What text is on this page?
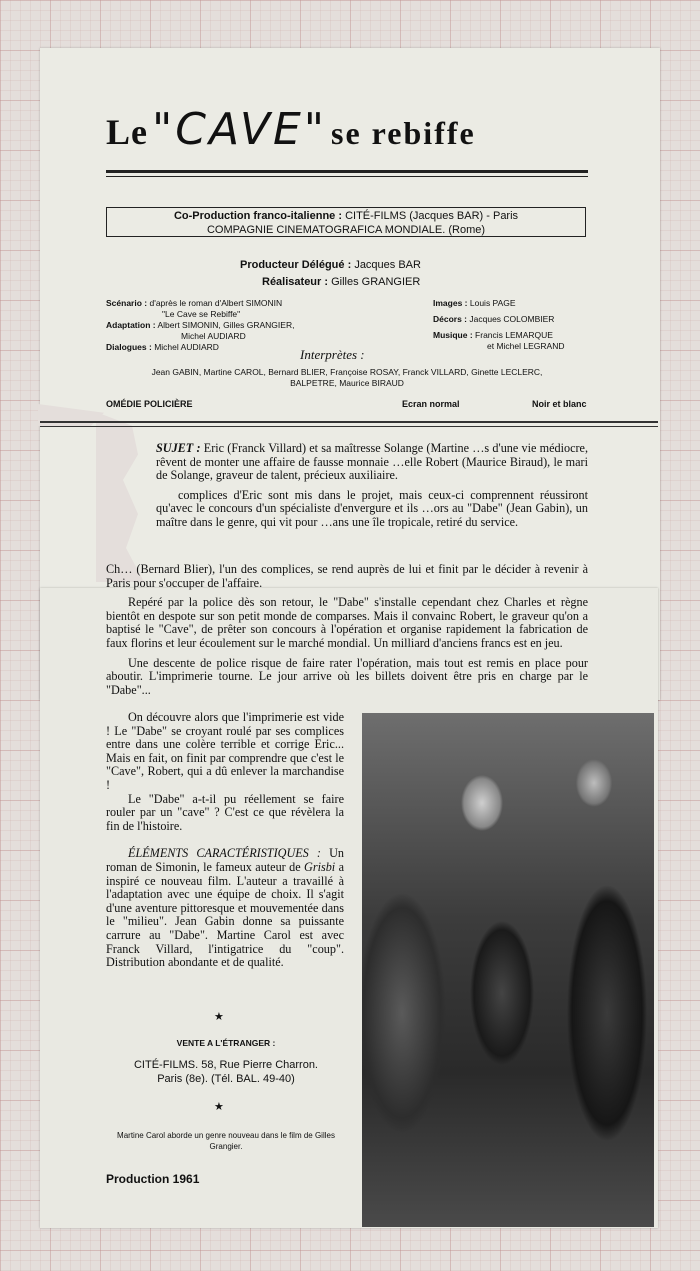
Le "CAVE" se rebiffe
Co-Production franco-italienne : CITÉ-FILMS (Jacques BAR) - Paris
COMPAGNIE CINEMATOGRAFICA MONDIALE. (Rome)
Producteur Délégué : Jacques BAR
Réalisateur : Gilles GRANGIER
Scénario : d'après le roman d'Albert SIMONIN
"Le Cave se Rebiffe"
Adaptation : Albert SIMONIN, Gilles GRANGIER,
Michel AUDIARD
Dialogues : Michel AUDIARD
Images : Louis PAGE
Décors : Jacques COLOMBIER
Musique : Francis LEMARQUE
et Michel LEGRAND
Interprètes :
Jean GABIN, Martine CAROL, Bernard BLIER, Françoise ROSAY, Franck VILLARD, Ginette LECLERC,
BALPETRE, Maurice BIRAUD
OMÉDIE POLICIÈRE	Ecran normal	Noir et blanc

SUJET : Eric (Franck Villard) et sa maîtresse Solange (Martine …s d'une vie médiocre, rêvent de monter une affaire de fausse monnaie …elle Robert (Maurice Biraud), le mari de Solange, graveur de talent, précieux auxiliaire.

complices d'Eric sont mis dans le projet, mais ceux-ci comprennent réussiront qu'avec le concours d'un spécialiste d'envergure et ils …ors au "Dabe" (Jean Gabin), un maître dans le genre, qui vit pour …ans une île tropicale, retiré du service.

Ch… (Bernard Blier), l'un des complices, se rend auprès de lui et finit par le décider à revenir à Paris pour s'occuper de l'affaire.

Repéré par la police dès son retour, le "Dabe" s'installe cependant chez Charles et règne bientôt en despote sur son petit monde de comparses. Mais il convainc Robert, le graveur qu'on a baptisé le "Cave", de prêter son concours à l'opération et organise rapidement la fabrication de faux florins et leur écoulement sur le marché mondial. Un milliard d'anciens francs est en jeu.

Une descente de police risque de faire rater l'opération, mais tout est remis en place pour aboutir. L'imprimerie tourne. Le jour arrive où les billets doivent être pris en charge par le "Dabe"...

On découvre alors que l'imprimerie est vide ! Le "Dabe" se croyant roulé par ses complices entre dans une colère terrible et corrige Eric... Mais en fait, on finit par comprendre que c'est le "Cave", Robert, qui a dû enlever la marchandise !

Le "Dabe" a-t-il pu réellement se faire rouler par un "cave" ? C'est ce que révèlera la fin de l'histoire.

ÉLÉMENTS CARACTÉRISTIQUES : Un roman de Simonin, le fameux auteur de Grisbi a inspiré ce nouveau film. L'auteur a travaillé à l'adaptation avec une équipe de choix. Il s'agit d'une aventure pittoresque et mouvementée dans le "milieu". Jean Gabin donne sa puissante carrure au "Dabe". Martine Carol est avec Franck Villard, l'intigatrice du "coup". Distribution abondante et de qualité.

★
VENTE A L'ÉTRANGER :
CITÉ-FILMS. 58, Rue Pierre Charron.
Paris (8e). (Tél. BAL. 49-40)
★
Martine Carol aborde un genre nouveau dans le film de Gilles Grangier.
Production 1961
